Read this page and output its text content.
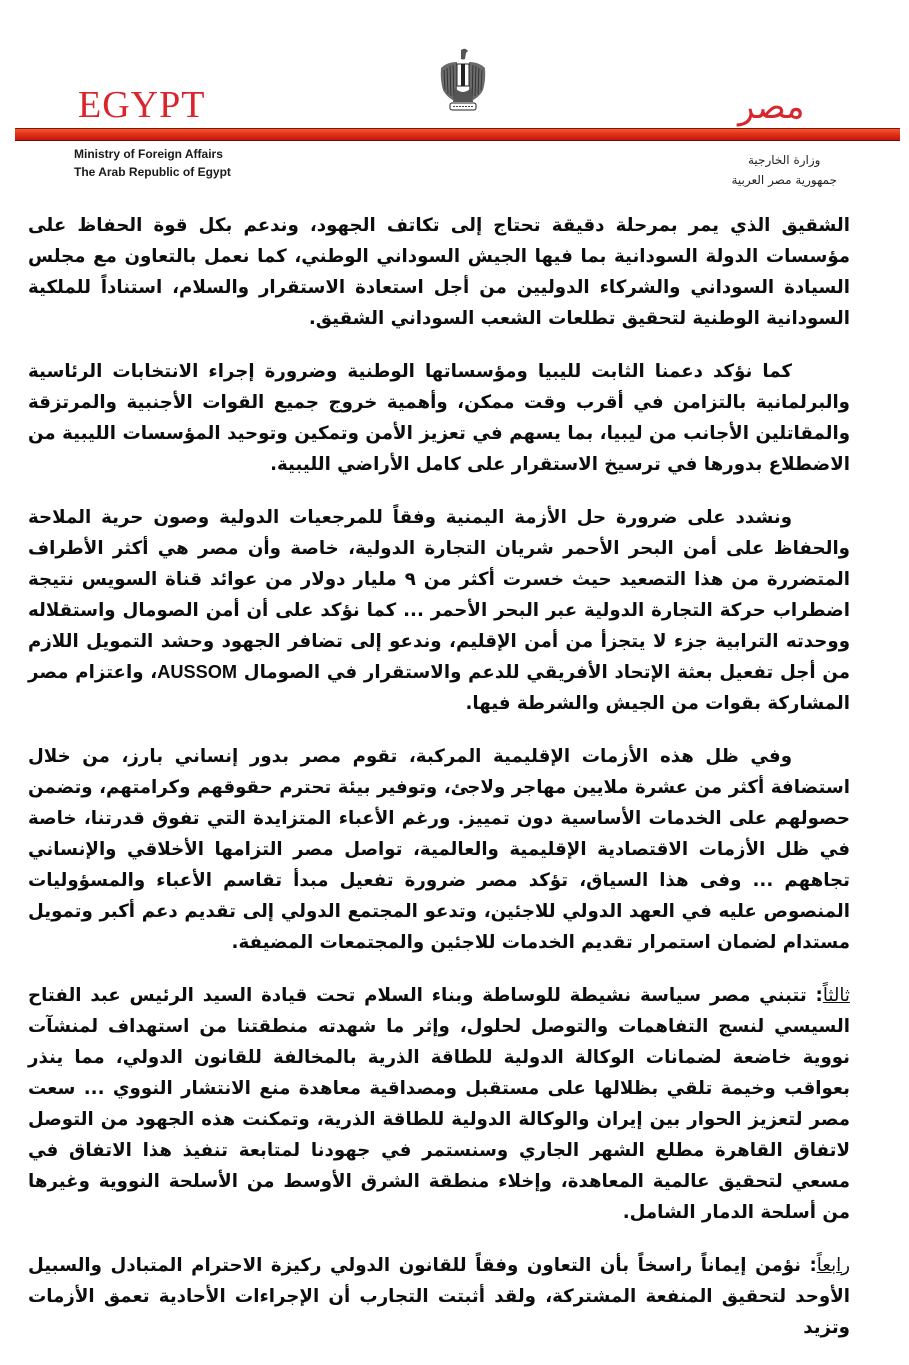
EGYPT	مصر
Ministry of Foreign Affairs
The Arab Republic of Egypt
وزارة الخارجية
جمهورية مصر العربية

الشقيق الذي يمر بمرحلة دقيقة تحتاج إلى تكاتف الجهود، وندعم بكل قوة الحفاظ على مؤسسات الدولة السودانية بما فيها الجيش السوداني الوطني، كما نعمل بالتعاون مع مجلس السيادة السوداني والشركاء الدوليين من أجل استعادة الاستقرار والسلام، استناداً للملكية السودانية الوطنية لتحقيق تطلعات الشعب السوداني الشقيق.

كما نؤكد دعمنا الثابت لليبيا ومؤسساتها الوطنية وضرورة إجراء الانتخابات الرئاسية والبرلمانية بالتزامن في أقرب وقت ممكن، وأهمية خروج جميع القوات الأجنبية والمرتزقة والمقاتلين الأجانب من ليبيا، بما يسهم في تعزيز الأمن وتمكين وتوحيد المؤسسات الليبية من الاضطلاع بدورها في ترسيخ الاستقرار على كامل الأراضي الليبية.

ونشدد على ضرورة حل الأزمة اليمنية وفقاً للمرجعيات الدولية وصون حرية الملاحة والحفاظ على أمن البحر الأحمر شريان التجارة الدولية، خاصة وأن مصر هي أكثر الأطراف المتضررة من هذا التصعيد حيث خسرت أكثر من ٩ مليار دولار من عوائد قناة السويس نتيجة اضطراب حركة التجارة الدولية عبر البحر الأحمر ... كما نؤكد على أن أمن الصومال واستقلاله ووحدته الترابية جزء لا يتجزأ من أمن الإقليم، وندعو إلى تضافر الجهود وحشد التمويل اللازم من أجل تفعيل بعثة الإتحاد الأفريقي للدعم والاستقرار في الصومال AUSSOM، واعتزام مصر المشاركة بقوات من الجيش والشرطة فيها.

وفي ظل هذه الأزمات الإقليمية المركبة، تقوم مصر بدور إنساني بارز، من خلال استضافة أكثر من عشرة ملايين مهاجر ولاجئ، وتوفير بيئة تحترم حقوقهم وكرامتهم، وتضمن حصولهم على الخدمات الأساسية دون تمييز. ورغم الأعباء المتزايدة التي تفوق قدرتنا، خاصة في ظل الأزمات الاقتصادية الإقليمية والعالمية، تواصل مصر التزامها الأخلاقي والإنساني تجاههم ... وفى هذا السياق، تؤكد مصر ضرورة تفعيل مبدأ تقاسم الأعباء والمسؤوليات المنصوص عليه في العهد الدولي للاجئين، وتدعو المجتمع الدولي إلى تقديم دعم أكبر وتمويل مستدام لضمان استمرار تقديم الخدمات للاجئين والمجتمعات المضيفة.

ثالثاً: تتبني مصر سياسة نشيطة للوساطة وبناء السلام تحت قيادة السيد الرئيس عبد الفتاح السيسي لنسج التفاهمات والتوصل لحلول، وإثر ما شهدته منطقتنا من استهداف لمنشآت نووية خاضعة لضمانات الوكالة الدولية للطاقة الذرية بالمخالفة للقانون الدولي، مما ينذر بعواقب وخيمة تلقي بظلالها على مستقبل ومصداقية معاهدة منع الانتشار النووي ... سعت مصر لتعزيز الحوار بين إيران والوكالة الدولية للطاقة الذرية، وتمكنت هذه الجهود من التوصل لاتفاق القاهرة مطلع الشهر الجاري وسنستمر في جهودنا لمتابعة تنفيذ هذا الاتفاق في مسعي لتحقيق عالمية المعاهدة، وإخلاء منطقة الشرق الأوسط من الأسلحة النووية وغيرها من أسلحة الدمار الشامل.

رابعاً: نؤمن إيماناً راسخاً بأن التعاون وفقاً للقانون الدولي ركيزة الاحترام المتبادل والسبيل الأوحد لتحقيق المنفعة المشتركة، ولقد أثبتت التجارب أن الإجراءات الأحادية تعمق الأزمات وتزيد
